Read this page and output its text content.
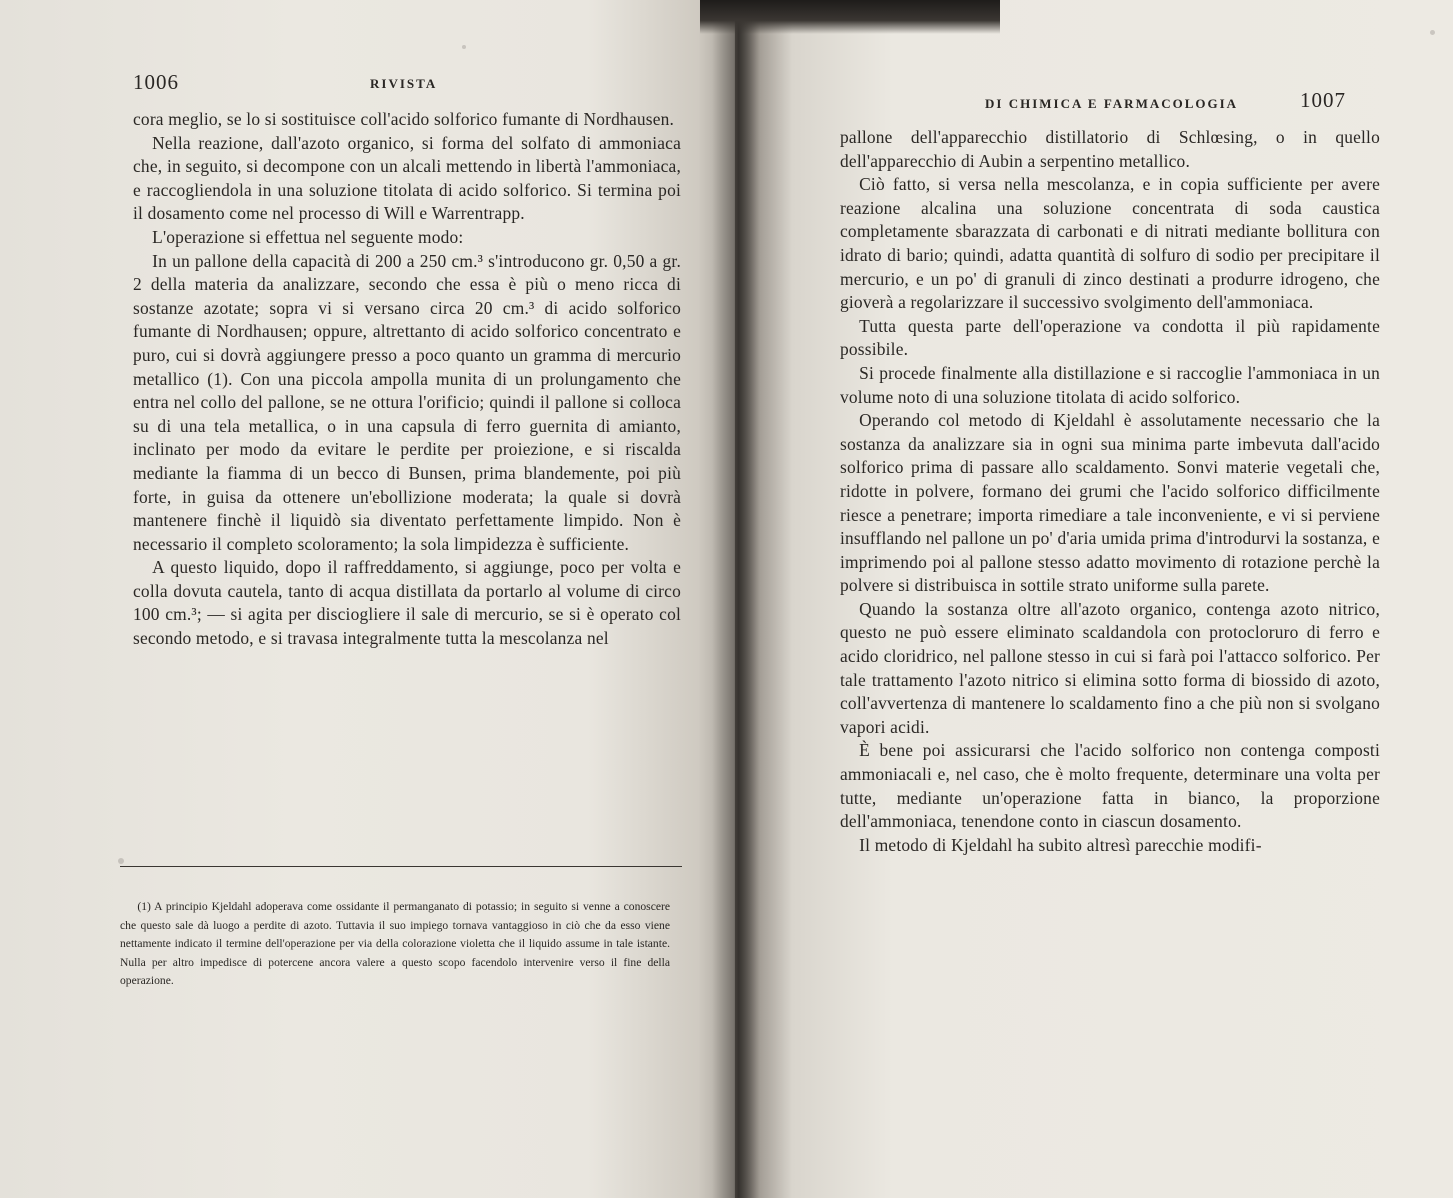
1006	RIVISTA

cora meglio, se lo si sostituisce coll'acido solforico fumante di Nordhausen.

Nella reazione, dall'azoto organico, si forma del solfato di ammoniaca che, in seguito, si decompone con un alcali mettendo in libertà l'ammoniaca, e raccogliendola in una soluzione titolata di acido solforico. Si termina poi il dosamento come nel processo di Will e Warrentrapp.

L'operazione si effettua nel seguente modo:

In un pallone della capacità di 200 a 250 cm.³ s'introducono gr. 0,50 a gr. 2 della materia da analizzare, secondo che essa è più o meno ricca di sostanze azotate; sopra vi si versano circa 20 cm.³ di acido solforico fumante di Nordhausen; oppure, altrettanto di acido solforico concentrato e puro, cui si dovrà aggiungere presso a poco quanto un gramma di mercurio metallico (1). Con una piccola ampolla munita di un prolungamento che entra nel collo del pallone, se ne ottura l'orificio; quindi il pallone si colloca su di una tela metallica, o in una capsula di ferro guernita di amianto, inclinato per modo da evitare le perdite per proiezione, e si riscalda mediante la fiamma di un becco di Bunsen, prima blandemente, poi più forte, in guisa da ottenere un'ebollizione moderata; la quale si dovrà mantenere finchè il liquidò sia diventato perfettamente limpido. Non è necessario il completo scoloramento; la sola limpidezza è sufficiente.

A questo liquido, dopo il raffreddamento, si aggiunge, poco per volta e colla dovuta cautela, tanto di acqua distillata da portarlo al volume di circo 100 cm.³; — si agita per disciogliere il sale di mercurio, se si è operato col secondo metodo, e si travasa integralmente tutta la mescolanza nel

(1) A principio Kjeldahl adoperava come ossidante il permanganato di potassio; in seguito si venne a conoscere che questo sale dà luogo a perdite di azoto. Tuttavia il suo impiego tornava vantaggioso in ciò che da esso viene nettamente indicato il termine dell'operazione per via della colorazione violetta che il liquido assume in tale istante. Nulla per altro impedisce di potercene ancora valere a questo scopo facendolo intervenire verso il fine della operazione.

DI CHIMICA E FARMACOLOGIA	1007

pallone dell'apparecchio distillatorio di Schlœsing, o in quello dell'apparecchio di Aubin a serpentino metallico.

Ciò fatto, si versa nella mescolanza, e in copia sufficiente per avere reazione alcalina una soluzione concentrata di soda caustica completamente sbarazzata di carbonati e di nitrati mediante bollitura con idrato di bario; quindi, adatta quantità di solfuro di sodio per precipitare il mercurio, e un po' di granuli di zinco destinati a produrre idrogeno, che gioverà a regolarizzare il successivo svolgimento dell'ammoniaca.

Tutta questa parte dell'operazione va condotta il più rapidamente possibile.

Si procede finalmente alla distillazione e si raccoglie l'ammoniaca in un volume noto di una soluzione titolata di acido solforico.

Operando col metodo di Kjeldahl è assolutamente necessario che la sostanza da analizzare sia in ogni sua minima parte imbevuta dall'acido solforico prima di passare allo scaldamento. Sonvi materie vegetali che, ridotte in polvere, formano dei grumi che l'acido solforico difficilmente riesce a penetrare; importa rimediare a tale inconveniente, e vi si perviene insufflando nel pallone un po' d'aria umida prima d'introdurvi la sostanza, e imprimendo poi al pallone stesso adatto movimento di rotazione perchè la polvere si distribuisca in sottile strato uniforme sulla parete.

Quando la sostanza oltre all'azoto organico, contenga azoto nitrico, questo ne può essere eliminato scaldandola con protocloruro di ferro e acido cloridrico, nel pallone stesso in cui si farà poi l'attacco solforico. Per tale trattamento l'azoto nitrico si elimina sotto forma di biossido di azoto, coll'avvertenza di mantenere lo scaldamento fino a che più non si svolgano vapori acidi.

È bene poi assicurarsi che l'acido solforico non contenga composti ammoniacali e, nel caso, che è molto frequente, determinare una volta per tutte, mediante un'operazione fatta in bianco, la proporzione dell'ammoniaca, tenendone conto in ciascun dosamento.

Il metodo di Kjeldahl ha subito altresì parecchie modifi-
